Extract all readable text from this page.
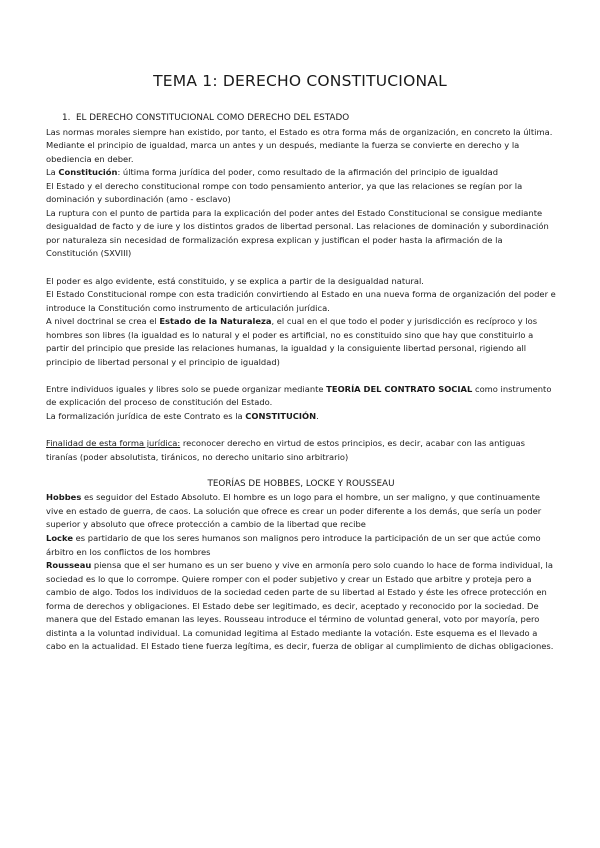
TEMA 1: DERECHO CONSTITUCIONAL

1. EL DERECHO CONSTITUCIONAL COMO DERECHO DEL ESTADO

Las normas morales siempre han existido, por tanto, el Estado es otra forma más de organización, en concreto la última.

Mediante el principio de igualdad, marca un antes y un después, mediante la fuerza se convierte en derecho y la obediencia en deber.

La Constitución: última forma jurídica del poder, como resultado de la afirmación del principio de igualdad

El Estado y el derecho constitucional rompe con todo pensamiento anterior, ya que las relaciones se regían por la dominación y subordinación (amo - esclavo)

La ruptura con el punto de partida para la explicación del poder antes del Estado Constitucional se consigue mediante desigualdad de facto y de iure y los distintos grados de libertad personal. Las relaciones de dominación y subordinación por naturaleza sin necesidad de formalización expresa explican y justifican el poder hasta la afirmación de la Constitución (SXVIII)

El poder es algo evidente, está constituido, y se explica a partir de la desigualdad natural.

El Estado Constitucional rompe con esta tradición convirtiendo al Estado en una nueva forma de organización del poder e introduce la Constitución como instrumento de articulación jurídica.

A nivel doctrinal se crea el Estado de la Naturaleza, el cual en el que todo el poder y jurisdicción es recíproco y los hombres son libres (la igualdad es lo natural y el poder es artificial, no es constituido sino que hay que constituirlo a partir del principio que preside las relaciones humanas, la igualdad y la consiguiente libertad personal, rigiendo all principio de libertad personal y el principio de igualdad)

Entre individuos iguales y libres solo se puede organizar mediante TEORÍA DEL CONTRATO SOCIAL como instrumento de explicación del proceso de constitución del Estado.

La formalización jurídica de este Contrato es la CONSTITUCIÓN.

Finalidad de esta forma jurídica: reconocer derecho en virtud de estos principios, es decir, acabar con las antiguas tiranías (poder absolutista, tiránicos, no derecho unitario sino arbitrario)

TEORÍAS DE HOBBES, LOCKE Y ROUSSEAU

Hobbes es seguidor del Estado Absoluto. El hombre es un logo para el hombre, un ser maligno, y que continuamente vive en estado de guerra, de caos. La solución que ofrece es crear un poder diferente a los demás, que sería un poder superior y absoluto que ofrece protección a cambio de la libertad que recibe

Locke es partidario de que los seres humanos son malignos pero introduce la participación de un ser que actúe como árbitro en los conflictos de los hombres

Rousseau piensa que el ser humano es un ser bueno y vive en armonía pero solo cuando lo hace de forma individual, la sociedad es lo que lo corrompe. Quiere romper con el poder subjetivo y crear un Estado que arbitre y proteja pero a cambio de algo. Todos los individuos de la sociedad ceden parte de su libertad al Estado y éste les ofrece protección en forma de derechos y obligaciones. El Estado debe ser legitimado, es decir, aceptado y reconocido por la sociedad. De manera que del Estado emanan las leyes. Rousseau introduce el término de voluntad general, voto por mayoría, pero distinta a la voluntad individual. La comunidad legitima al Estado mediante la votación. Este esquema es el llevado a cabo en la actualidad. El Estado tiene fuerza legítima, es decir, fuerza de obligar al cumplimiento de dichas obligaciones.
